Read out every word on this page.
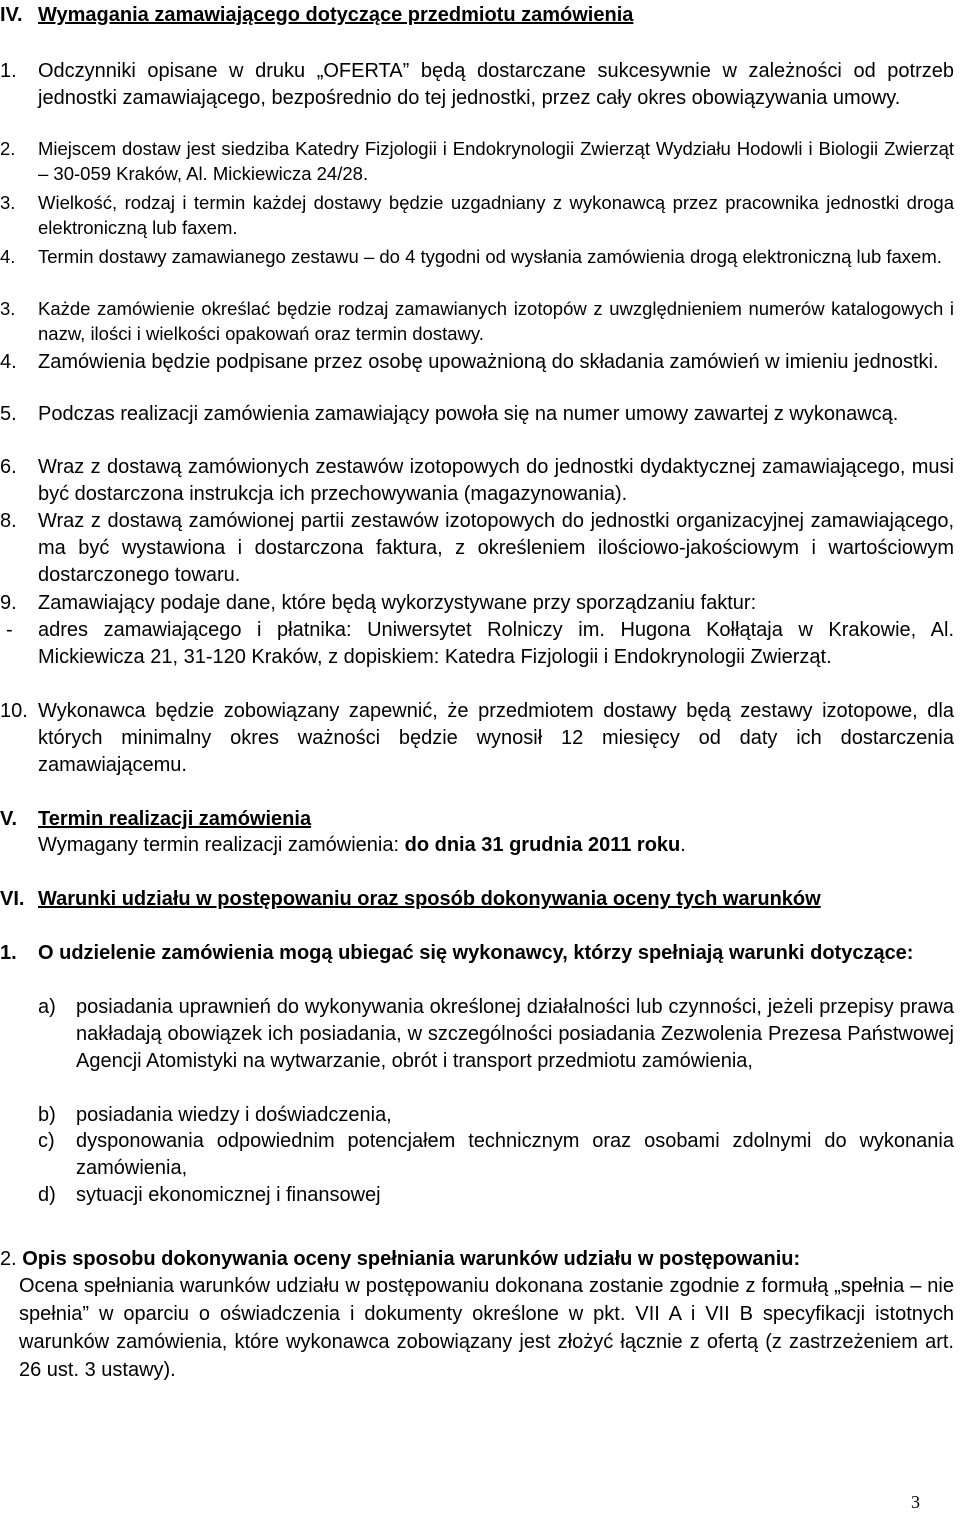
IV. Wymagania zamawiającego dotyczące przedmiotu zamówienia
1. Odczynniki opisane w druku „OFERTA” będą dostarczane sukcesywnie w zależności od potrzeb jednostki zamawiającego, bezpośrednio do tej jednostki, przez cały okres obowiązywania umowy.
2. Miejscem dostaw jest siedziba Katedry Fizjologii i Endokrynologii Zwierząt Wydziału Hodowli i Biologii Zwierząt – 30-059 Kraków, Al. Mickiewicza 24/28.
3. Wielkość, rodzaj i termin każdej dostawy będzie uzgadniany z wykonawcą przez pracownika jednostki droga elektroniczną lub faxem.
4. Termin dostawy zamawianego zestawu – do 4 tygodni od wysłania zamówienia drogą elektroniczną lub faxem.
3. Każde zamówienie określać będzie rodzaj zamawianych izotopów z uwzględnieniem numerów katalogowych i nazw, ilości i wielkości opakowań oraz termin dostawy.
4. Zamówienia będzie podpisane przez osobę upoważnioną do składania zamówień w imieniu jednostki.
5. Podczas realizacji zamówienia zamawiający powoła się na numer umowy zawartej z wykonawcą.
6. Wraz z dostawą zamówionych zestawów izotopowych do jednostki dydaktycznej zamawiającego, musi być dostarczona instrukcja ich przechowywania (magazynowania).
8. Wraz z dostawą zamówionej partii zestawów izotopowych do jednostki organizacyjnej zamawiającego, ma być wystawiona i dostarczona faktura, z określeniem ilościowo-jakościowym i wartościowym dostarczonego towaru.
9. Zamawiający podaje dane, które będą wykorzystywane przy sporządzaniu faktur:
- adres zamawiającego i płatnika: Uniwersytet Rolniczy im. Hugona Kołłątaja w Krakowie, Al. Mickiewicza 21, 31-120 Kraków, z dopiskiem: Katedra Fizjologii i Endokrynologii Zwierząt.
10. Wykonawca będzie zobowiązany zapewnić, że przedmiotem dostawy będą zestawy izotopowe, dla których minimalny okres ważności będzie wynosił 12 miesięcy od daty ich dostarczenia zamawiającemu.
V. Termin realizacji zamówienia
Wymagany termin realizacji zamówienia: do dnia 31 grudnia 2011 roku.
VI. Warunki udziału w postępowaniu oraz sposób dokonywania oceny tych warunków
1. O udzielenie zamówienia mogą ubiegać się wykonawcy, którzy spełniają warunki dotyczące:
a) posiadania uprawnień do wykonywania określonej działalności lub czynności, jeżeli przepisy prawa nakładają obowiązek ich posiadania, w szczególności posiadania Zezwolenia Prezesa Państwowej Agencji Atomistyki na wytwarzanie, obrót i transport przedmiotu zamówienia,
b) posiadania wiedzy i doświadczenia,
c) dysponowania odpowiednim potencjałem technicznym oraz osobami zdolnymi do wykonania zamówienia,
d) sytuacji ekonomicznej i finansowej
2. Opis sposobu dokonywania oceny spełniania warunków udziału w postępowaniu:
Ocena spełniania warunków udziału w postępowaniu dokonana zostanie zgodnie z formułą „spełnia – nie spełnia” w oparciu o oświadczenia i dokumenty określone w pkt. VII A i VII B specyfikacji istotnych warunków zamówienia, które wykonawca zobowiązany jest złożyć łącznie z ofertą (z zastrzeżeniem art. 26 ust. 3 ustawy).
3
